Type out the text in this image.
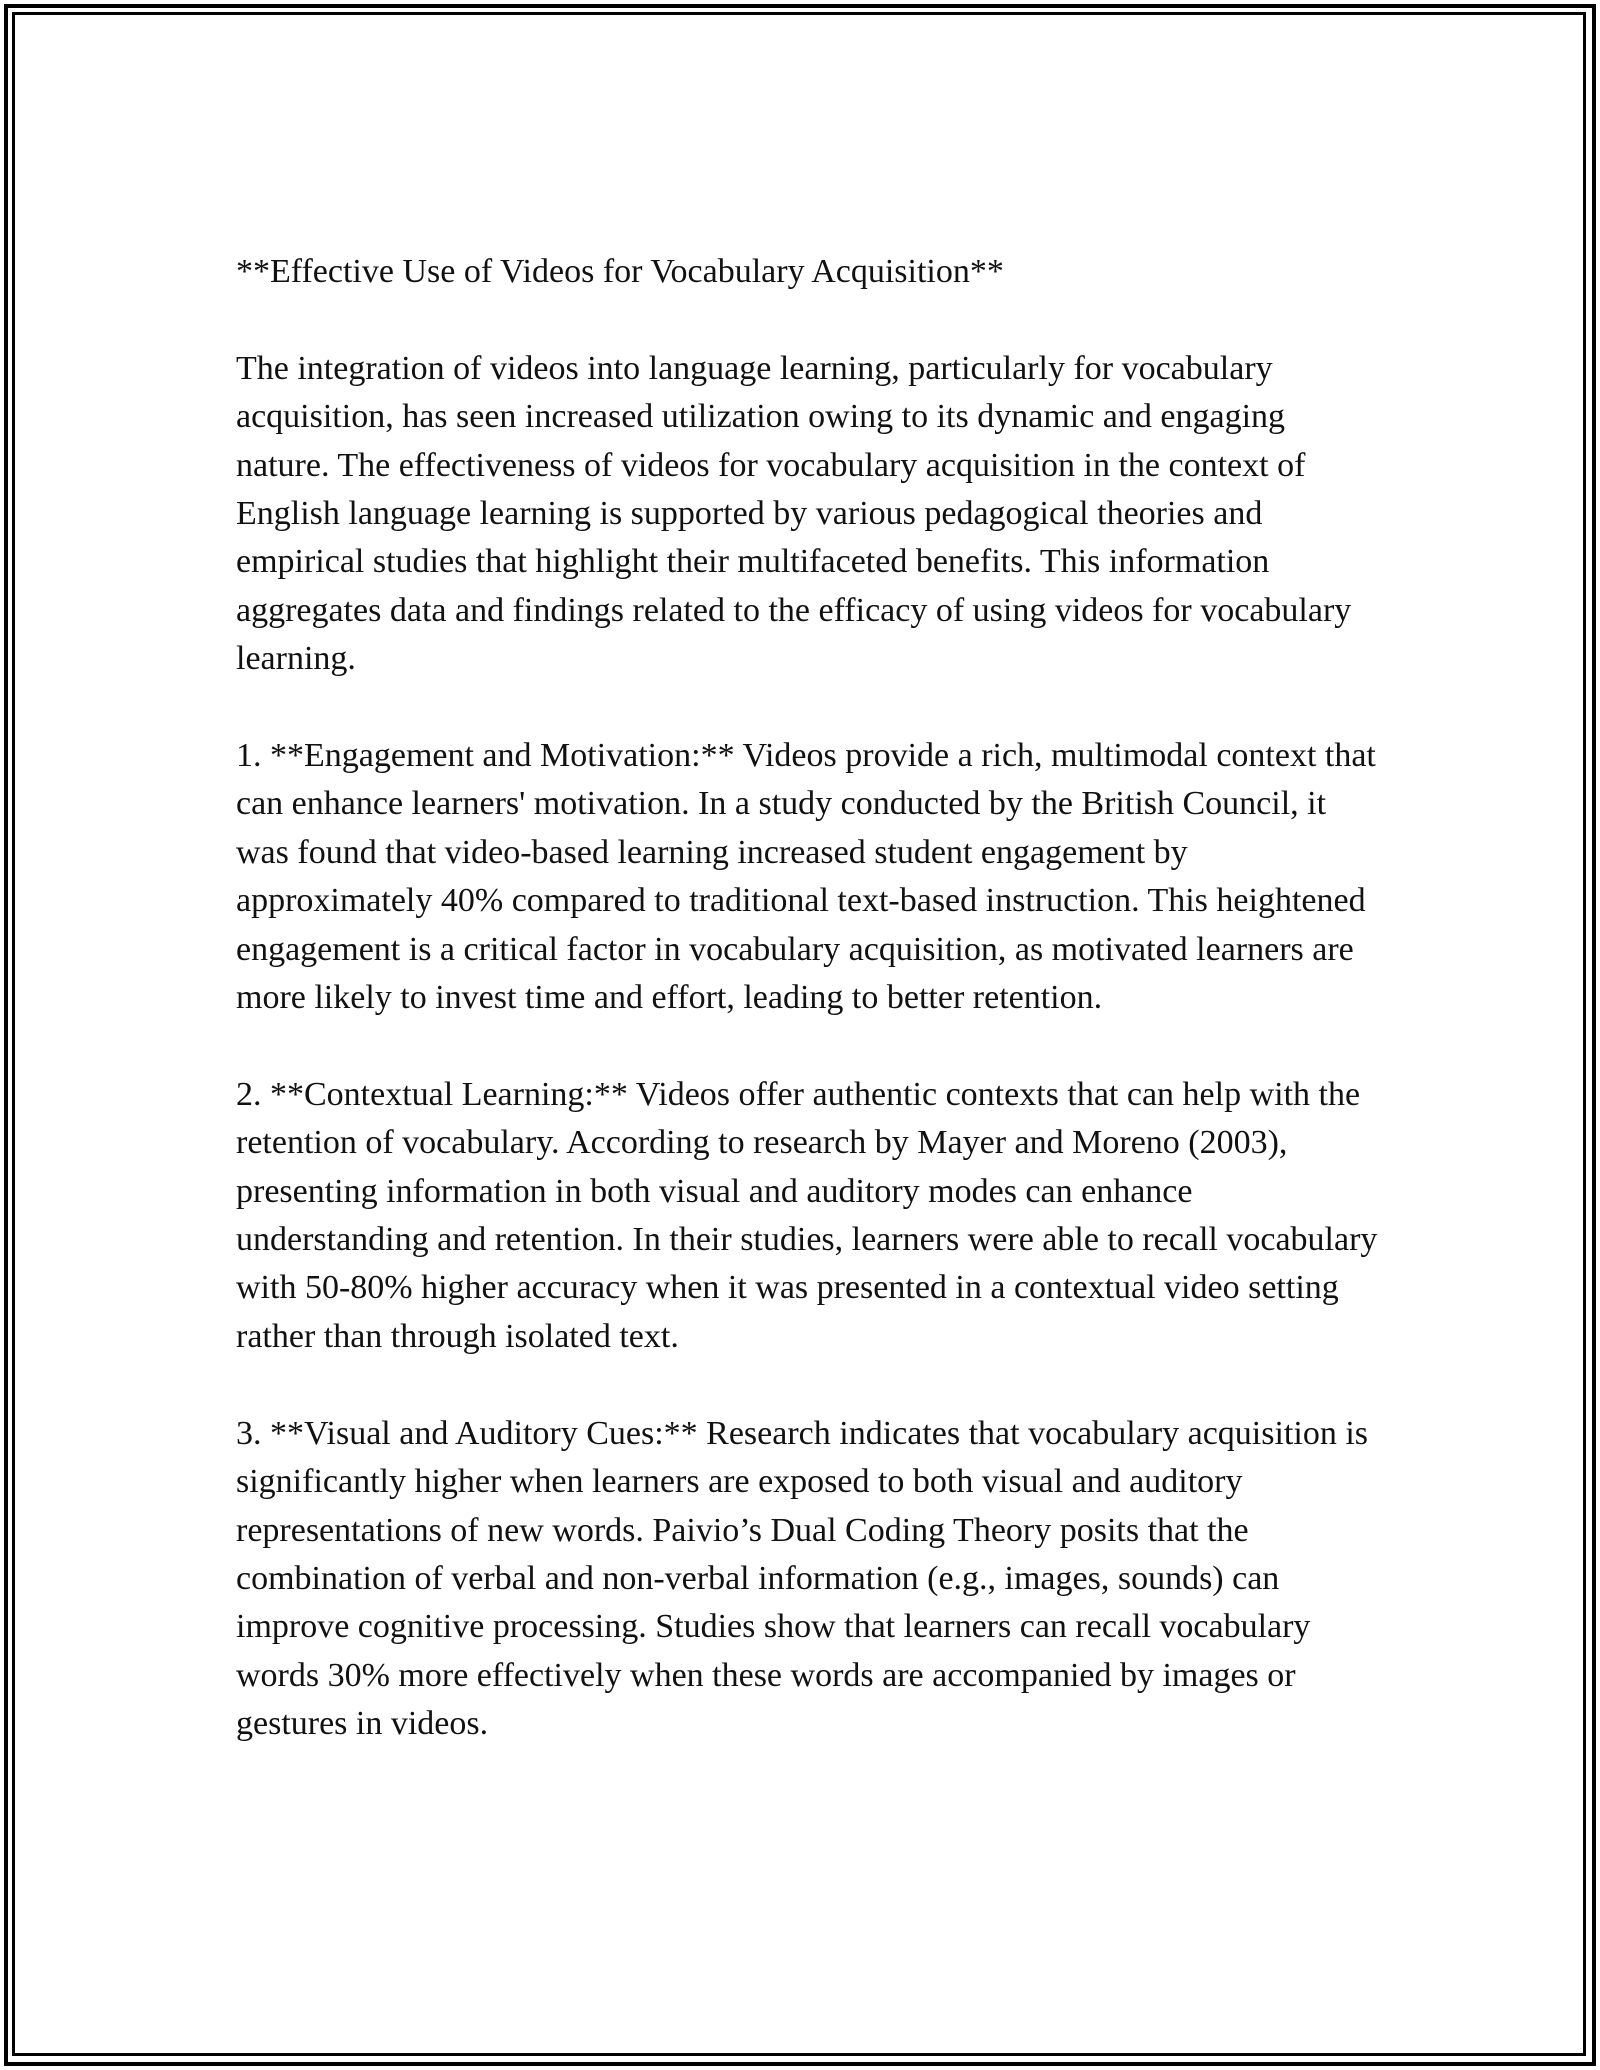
**Effective Use of Videos for Vocabulary Acquisition**

The integration of videos into language learning, particularly for vocabulary acquisition, has seen increased utilization owing to its dynamic and engaging nature. The effectiveness of videos for vocabulary acquisition in the context of English language learning is supported by various pedagogical theories and empirical studies that highlight their multifaceted benefits. This information aggregates data and findings related to the efficacy of using videos for vocabulary learning.

1. **Engagement and Motivation:** Videos provide a rich, multimodal context that can enhance learners' motivation. In a study conducted by the British Council, it was found that video-based learning increased student engagement by approximately 40% compared to traditional text-based instruction. This heightened engagement is a critical factor in vocabulary acquisition, as motivated learners are more likely to invest time and effort, leading to better retention.

2. **Contextual Learning:** Videos offer authentic contexts that can help with the retention of vocabulary. According to research by Mayer and Moreno (2003), presenting information in both visual and auditory modes can enhance understanding and retention. In their studies, learners were able to recall vocabulary with 50-80% higher accuracy when it was presented in a contextual video setting rather than through isolated text.

3. **Visual and Auditory Cues:** Research indicates that vocabulary acquisition is significantly higher when learners are exposed to both visual and auditory representations of new words. Paivio’s Dual Coding Theory posits that the combination of verbal and non-verbal information (e.g., images, sounds) can improve cognitive processing. Studies show that learners can recall vocabulary words 30% more effectively when these words are accompanied by images or gestures in videos.
